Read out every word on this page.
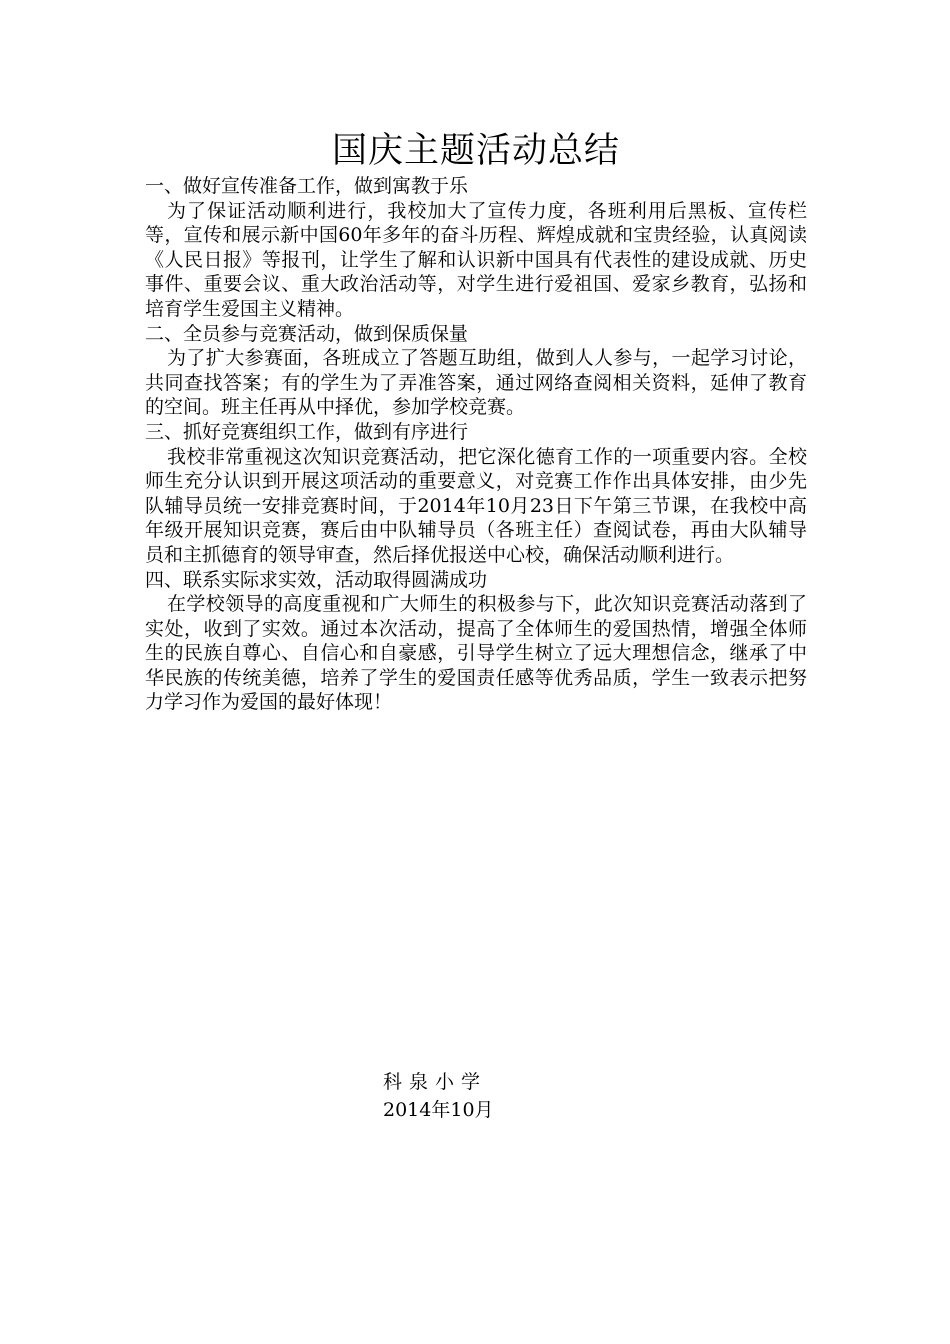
国庆主题活动总结

一、做好宣传准备工作，做到寓教于乐

为了保证活动顺利进行，我校加大了宣传力度，各班利用后黑板、宣传栏等，宣传和展示新中国60年多年的奋斗历程、辉煌成就和宝贵经验，认真阅读《人民日报》等报刊，让学生了解和认识新中国具有代表性的建设成就、历史事件、重要会议、重大政治活动等，对学生进行爱祖国、爱家乡教育，弘扬和培育学生爱国主义精神。

二、全员参与竞赛活动，做到保质保量

为了扩大参赛面，各班成立了答题互助组，做到人人参与，一起学习讨论，共同查找答案；有的学生为了弄准答案，通过网络查阅相关资料，延伸了教育的空间。班主任再从中择优，参加学校竞赛。

三、抓好竞赛组织工作，做到有序进行

我校非常重视这次知识竞赛活动，把它深化德育工作的一项重要内容。全校师生充分认识到开展这项活动的重要意义，对竞赛工作作出具体安排，由少先队辅导员统一安排竞赛时间，于2014年10月23日下午第三节课，在我校中高年级开展知识竞赛，赛后由中队辅导员（各班主任）查阅试卷，再由大队辅导员和主抓德育的领导审查，然后择优报送中心校，确保活动顺利进行。

四、联系实际求实效，活动取得圆满成功

在学校领导的高度重视和广大师生的积极参与下，此次知识竞赛活动落到了实处，收到了实效。通过本次活动，提高了全体师生的爱国热情，增强全体师生的民族自尊心、自信心和自豪感，引导学生树立了远大理想信念，继承了中华民族的传统美德，培养了学生的爱国责任感等优秀品质，学生一致表示把努力学习作为爱国的最好体现！

科泉小学
2014年10月
